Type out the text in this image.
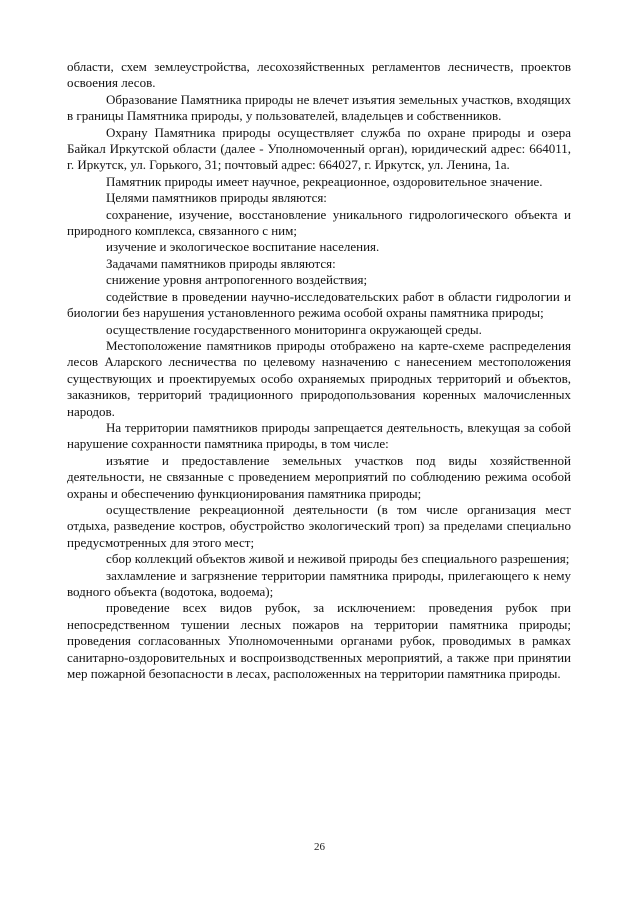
области, схем землеустройства, лесохозяйственных регламентов лесничеств, проектов освоения лесов.

Образование Памятника природы не влечет изъятия земельных участков, входящих в границы Памятника природы, у пользователей, владельцев и собственников.

Охрану Памятника природы осуществляет служба по охране природы и озера Байкал Иркутской области (далее - Уполномоченный орган), юридический адрес: 664011, г. Иркутск, ул. Горького, 31; почтовый адрес: 664027, г. Иркутск, ул. Ленина, 1а.

Памятник природы имеет научное, рекреационное, оздоровительное значение.

Целями памятников природы являются:

сохранение, изучение, восстановление уникального гидрологического объекта и природного комплекса, связанного с ним;

изучение и экологическое воспитание населения.

Задачами памятников природы являются:

снижение уровня антропогенного воздействия;

содействие в проведении научно-исследовательских работ в области гидрологии и биологии без нарушения установленного режима особой охраны памятника природы;

осуществление государственного мониторинга окружающей среды.

Местоположение памятников природы отображено на карте-схеме распределения лесов Аларского лесничества по целевому назначению с нанесением местоположения существующих и проектируемых особо охраняемых природных территорий и объектов, заказников, территорий традиционного природопользования коренных малочисленных народов.

На территории памятников природы запрещается деятельность, влекущая за собой нарушение сохранности памятника природы, в том числе:

изъятие и предоставление земельных участков под виды хозяйственной деятельности, не связанные с проведением мероприятий по соблюдению режима особой охраны и обеспечению функционирования памятника природы;

осуществление рекреационной деятельности (в том числе организация мест отдыха, разведение костров, обустройство экологический троп) за пределами специально предусмотренных для этого мест;

сбор коллекций объектов живой и неживой природы без специального разрешения;

захламление и загрязнение территории памятника природы, прилегающего к нему водного объекта (водотока, водоема);

проведение всех видов рубок, за исключением: проведения рубок при непосредственном тушении лесных пожаров на территории памятника природы; проведения согласованных Уполномоченными органами рубок, проводимых в рамках санитарно-оздоровительных и воспроизводственных мероприятий, а также при принятии мер пожарной безопасности в лесах, расположенных на территории памятника природы.

26
